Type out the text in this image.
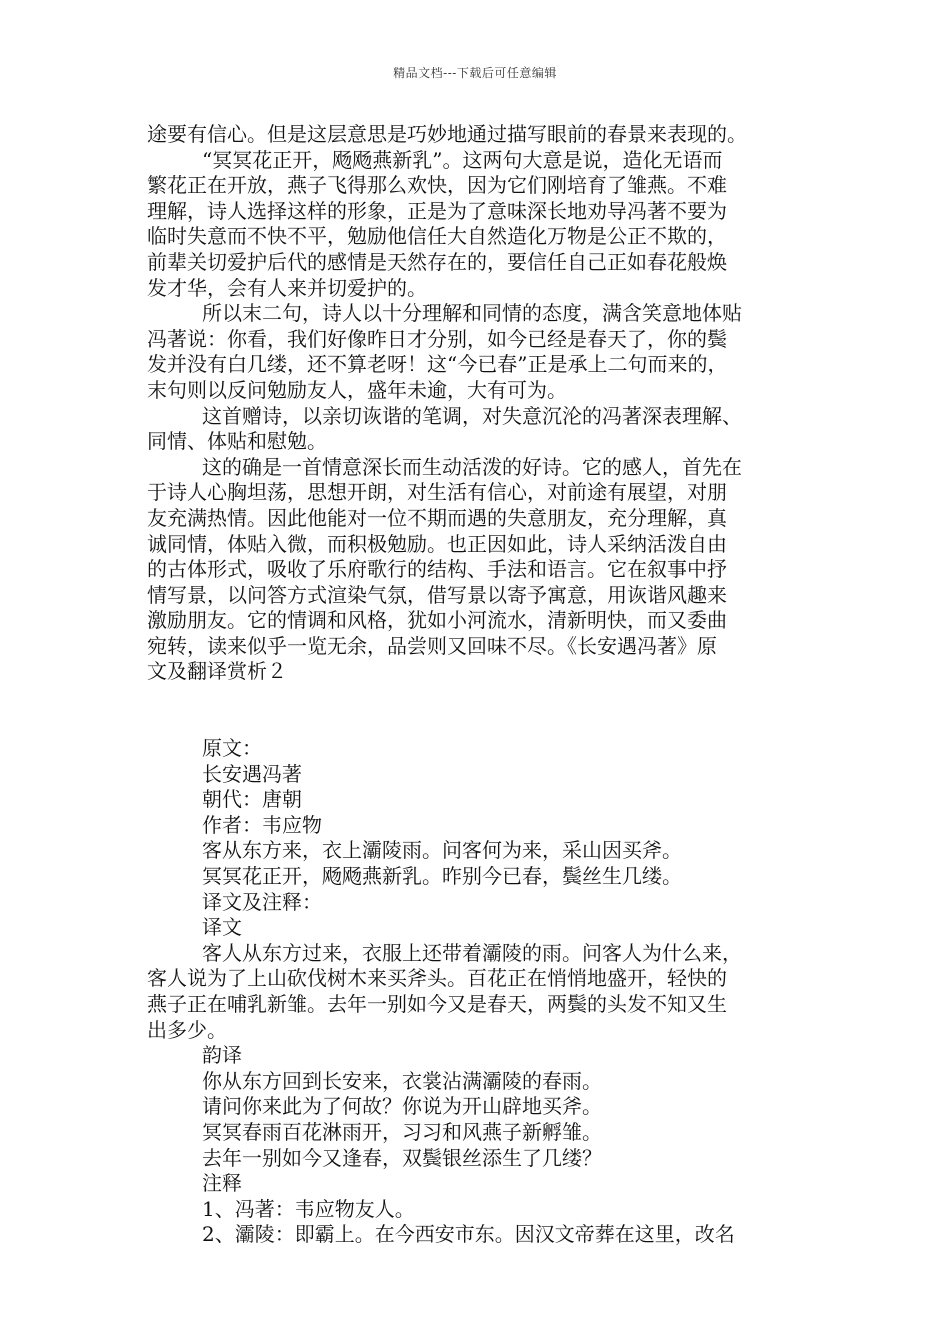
精品文档---下载后可任意编辑
途要有信心。但是这层意思是巧妙地通过描写眼前的春景来表现的。
“冥冥花正开，飏飏燕新乳”。这两句大意是说，造化无语而
繁花正在开放，燕子飞得那么欢快，因为它们刚培育了雏燕。不难
理解，诗人选择这样的形象，正是为了意味深长地劝导冯著不要为
临时失意而不快不平，勉励他信任大自然造化万物是公正不欺的，
前辈关切爱护后代的感情是天然存在的，要信任自己正如春花般焕
发才华，会有人来并切爱护的。
所以末二句，诗人以十分理解和同情的态度，满含笑意地体贴
冯著说：你看，我们好像昨日才分别，如今已经是春天了，你的鬓
发并没有白几缕，还不算老呀！这“今已春”正是承上二句而来的，
末句则以反问勉励友人，盛年未逾，大有可为。
这首赠诗，以亲切诙谐的笔调，对失意沉沦的冯著深表理解、
同情、体贴和慰勉。
这的确是一首情意深长而生动活泼的好诗。它的感人，首先在
于诗人心胸坦荡，思想开朗，对生活有信心，对前途有展望，对朋
友充满热情。因此他能对一位不期而遇的失意朋友，充分理解，真
诚同情，体贴入微，而积极勉励。也正因如此，诗人采纳活泼自由
的古体形式，吸收了乐府歌行的结构、手法和语言。它在叙事中抒
情写景，以问答方式渲染气氛，借写景以寄予寓意，用诙谐风趣来
激励朋友。它的情调和风格，犹如小河流水，清新明快，而又委曲
宛转，读来似乎一览无余，品尝则又回味不尽。《长安遇冯著》原
文及翻译赏析２
原文：
长安遇冯著
朝代：唐朝
作者：韦应物
客从东方来，衣上灞陵雨。问客何为来，采山因买斧。
冥冥花正开，飏飏燕新乳。昨别今已春，鬓丝生几缕。
译文及注释：
译文
客人从东方过来，衣服上还带着灞陵的雨。问客人为什么来，
客人说为了上山砍伐树木来买斧头。百花正在悄悄地盛开，轻快的
燕子正在哺乳新雏。去年一别如今又是春天，两鬓的头发不知又生
出多少。
韵译
你从东方回到长安来，衣裳沾满灞陵的春雨。
请问你来此为了何故？你说为开山辟地买斧。
冥冥春雨百花淋雨开，习习和风燕子新孵雏。
去年一别如今又逢春，双鬓银丝添生了几缕？
注释
1、冯著：韦应物友人。
2、灞陵：即霸上。在今西安市东。因汉文帝葬在这里，改名
